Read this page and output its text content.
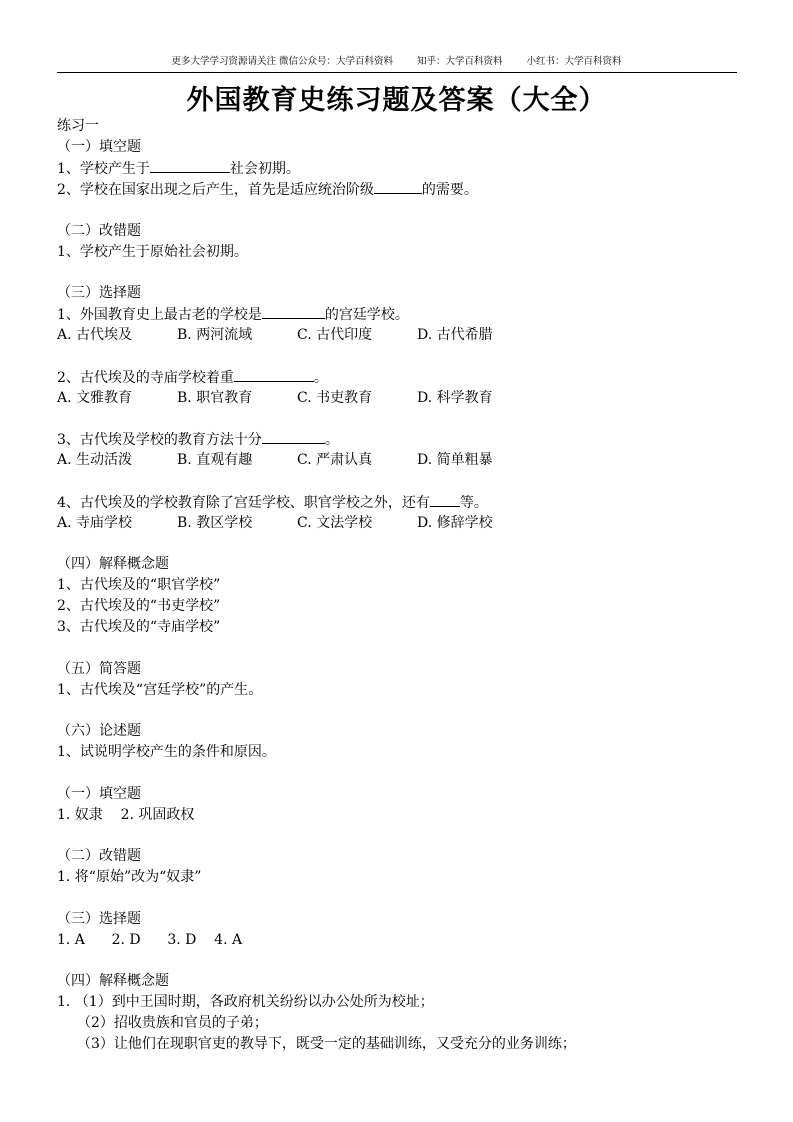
更多大学学习资源请关注 微信公众号：大学百科资料	知乎：大学百科资料	小红书：大学百科资料
外国教育史练习题及答案（大全）
练习一
（一）填空题
1、学校产生于	社会初期。
2、学校在国家出现之后产生，首先是适应统治阶级	的需要。
（二）改错题
1、学校产生于原始社会初期。
（三）选择题
1、外国教育史上最古老的学校是	的宫廷学校。
A. 古代埃及	B. 两河流域	C. 古代印度	D. 古代希腊
2、古代埃及的寺庙学校着重	。
A. 文雅教育	B. 职官教育	C. 书吏教育	D. 科学教育
3、古代埃及学校的教育方法十分	。
A. 生动活泼	B. 直观有趣	C. 严肃认真	D. 简单粗暴
4、古代埃及的学校教育除了宫廷学校、职官学校之外，还有 等。
A. 寺庙学校	B. 教区学校	C. 文法学校	D. 修辞学校
（四）解释概念题
1、古代埃及的“职官学校”
2、古代埃及的“书吏学校”
3、古代埃及的“寺庙学校”
（五）简答题
1、古代埃及“宫廷学校”的产生。
（六）论述题
1、试说明学校产生的条件和原因。
（一）填空题
1. 奴隶    2. 巩固政权
（二）改错题
1. 将“原始”改为“奴隶”
（三）选择题
1. A      2. D      3. D    4. A
（四）解释概念题
1. （1）到中王国时期，各政府机关纷纷以办公处所为校址；
（2）招收贵族和官员的子弟；
（3）让他们在现职官吏的教导下，既受一定的基础训练，又受充分的业务训练；
